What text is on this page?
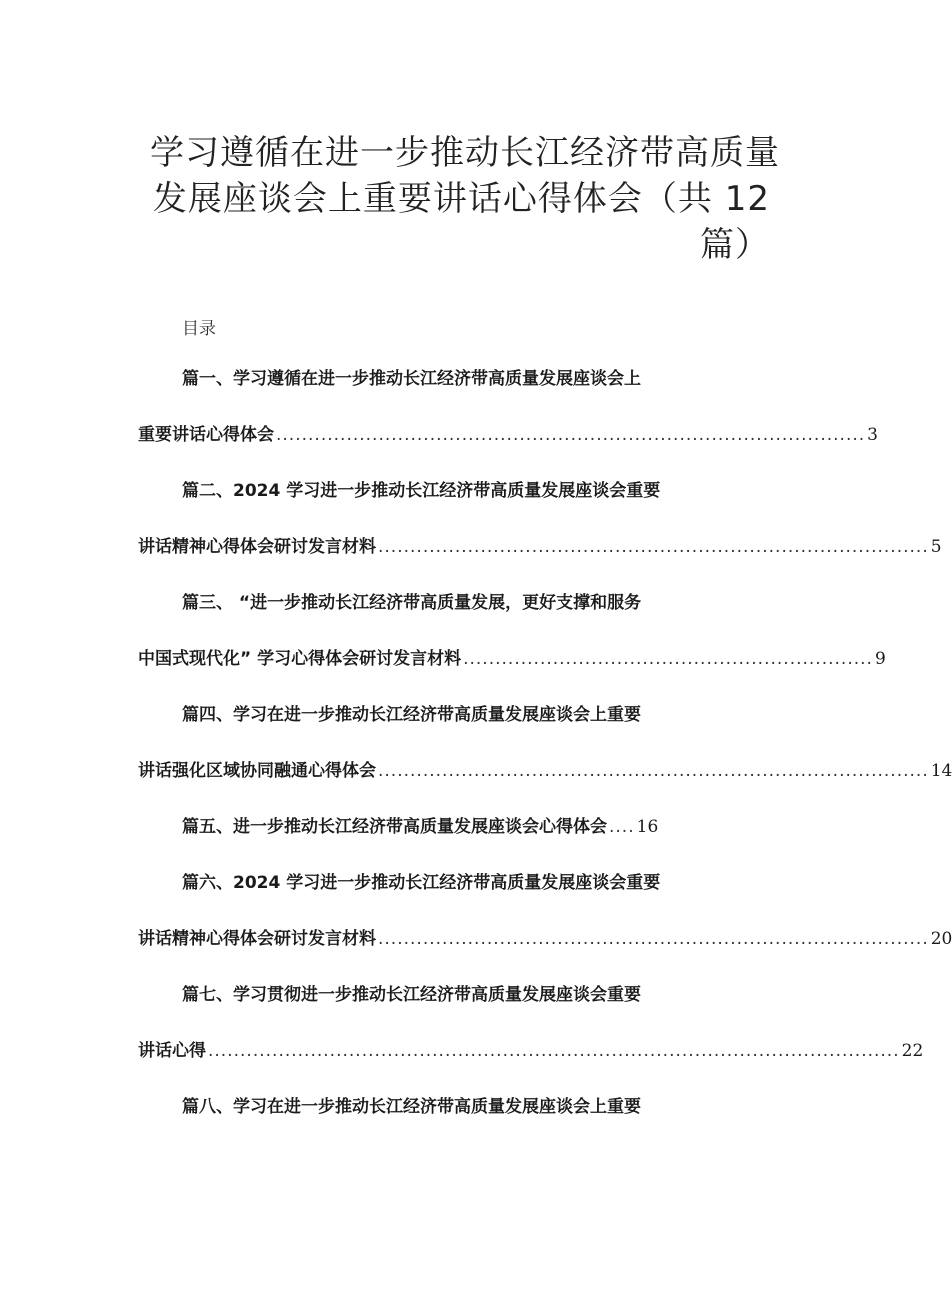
学习遵循在进一步推动长江经济带高质量
发展座谈会上重要讲话心得体会（共 12
篇）
目录
篇一、学习遵循在进一步推动长江经济带高质量发展座谈会上
重要讲话心得体会 ............................................................................................ 3
篇二、2024 学习进一步推动长江经济带高质量发展座谈会重要
讲话精神心得体会研讨发言材料 ...................................................................................... 5
篇三、 “进一步推动长江经济带高质量发展，更好支撑和服务
中国式现代化” 学习心得体会研讨发言材料 ................................................................ 9
篇四、学习在进一步推动长江经济带高质量发展座谈会上重要
讲话强化区域协同融通心得体会 ...................................................................................... 14
篇五、进一步推动长江经济带高质量发展座谈会心得体会 .... 16
篇六、2024 学习进一步推动长江经济带高质量发展座谈会重要
讲话精神心得体会研讨发言材料 ...................................................................................... 20
篇七、学习贯彻进一步推动长江经济带高质量发展座谈会重要
讲话心得 ............................................................................................................ 22
篇八、学习在进一步推动长江经济带高质量发展座谈会上重要
